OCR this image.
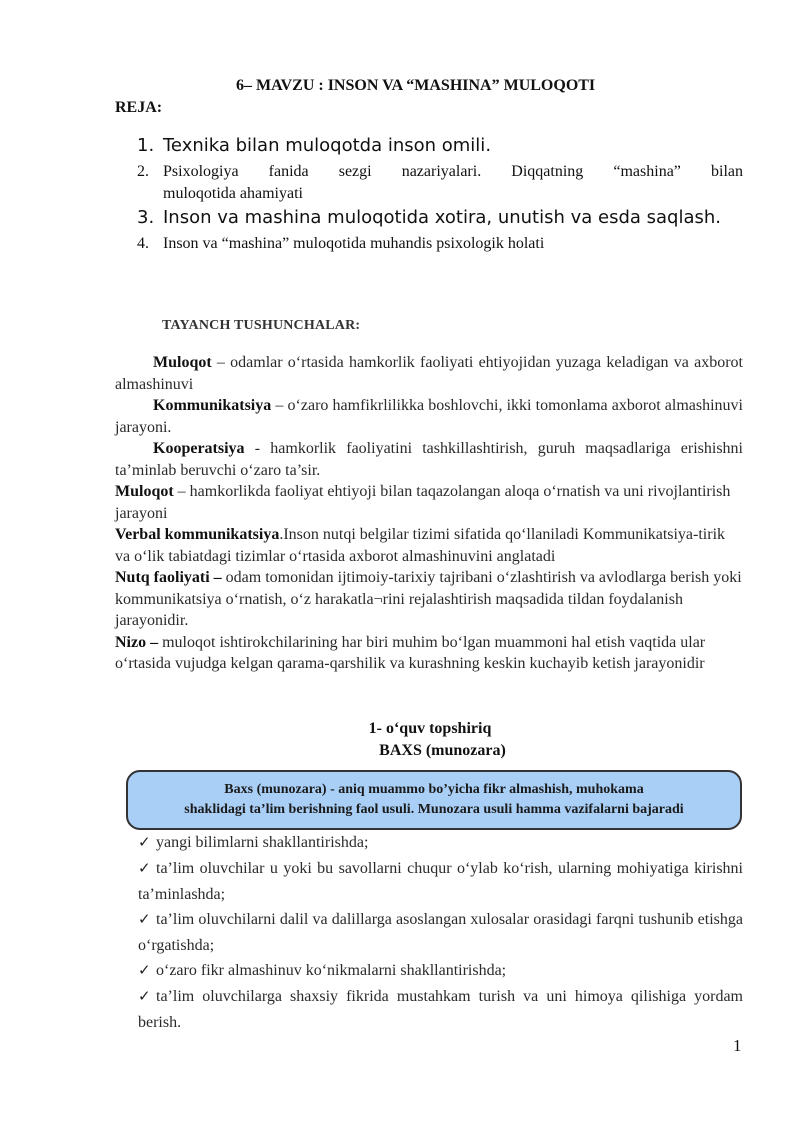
6– MAVZU : INSON VA “MASHINA” MULOQOTI
REJA:
1. Texnika bilan muloqotda inson omili.
2. Psixologiya fanida sezgi nazariyalari. Diqqatning “mashina” bilan
muloqotida ahamiyati
3. Inson va mashina muloqotida xotira, unutish va esda saqlash.
4. Inson va “mashina” muloqotida muhandis psixologik holati
TAYANCH TUSHUNCHALAR:

Muloqot – odamlar o‘rtasida hamkorlik faoliyati ehtiyojidan yuzaga keladigan va axborot almashinuvi

Kommunikatsiya – o‘zaro hamfikrlilikka boshlovchi, ikki tomonlama axborot almashinuvi jarayoni.

Kooperatsiya - hamkorlik faoliyatini tashkillashtirish, guruh maqsadlariga erishishni ta’minlab beruvchi o‘zaro ta’sir.

Muloqot – hamkorlikda faoliyat ehtiyoji bilan taqazolangan aloqa o‘rnatish va uni rivojlantirish jarayoni

Verbal kommunikatsiya.Inson nutqi belgilar tizimi sifatida qo‘llaniladi Kommunikatsiya-tirik va o‘lik tabiatdagi tizimlar o‘rtasida axborot almashinuvini anglatadi

Nutq faoliyati – odam tomonidan ijtimoiy-tarixiy tajribani o‘zlashtirish va avlodlarga berish yoki kommunikatsiya o‘rnatish, o‘z harakatla¬rini rejalashtirish maqsadida tildan foydalanish jarayonidir.

Nizo – muloqot ishtirokchilarining har biri muhim bo‘lgan muammoni hal etish vaqtida ular o‘rtasida vujudga kelgan qarama-qarshilik va kurashning keskin kuchayib ketish jarayonidir

1- o‘quv topshiriq
BAXS (munozara)
Baxs (munozara) - aniq muammo bo’yicha fikr almashish, muhokama
shaklidagi ta’lim berishning faol usuli. Munozara usuli hamma vazifalarni bajaradi

✓ yangi bilimlarni shakllantirishda;

✓ ta’lim oluvchilar u yoki bu savollarni chuqur o‘ylab ko‘rish, ularning mohiyatiga kirishni ta’minlashda;

✓ ta’lim oluvchilarni dalil va dalillarga asoslangan xulosalar orasidagi farqni tushunib etishga o‘rgatishda;

✓ o‘zaro fikr almashinuv ko‘nikmalarni shakllantirishda;

✓ ta’lim oluvchilarga shaxsiy fikrida mustahkam turish va uni himoya qilishiga yordam berish.

1
